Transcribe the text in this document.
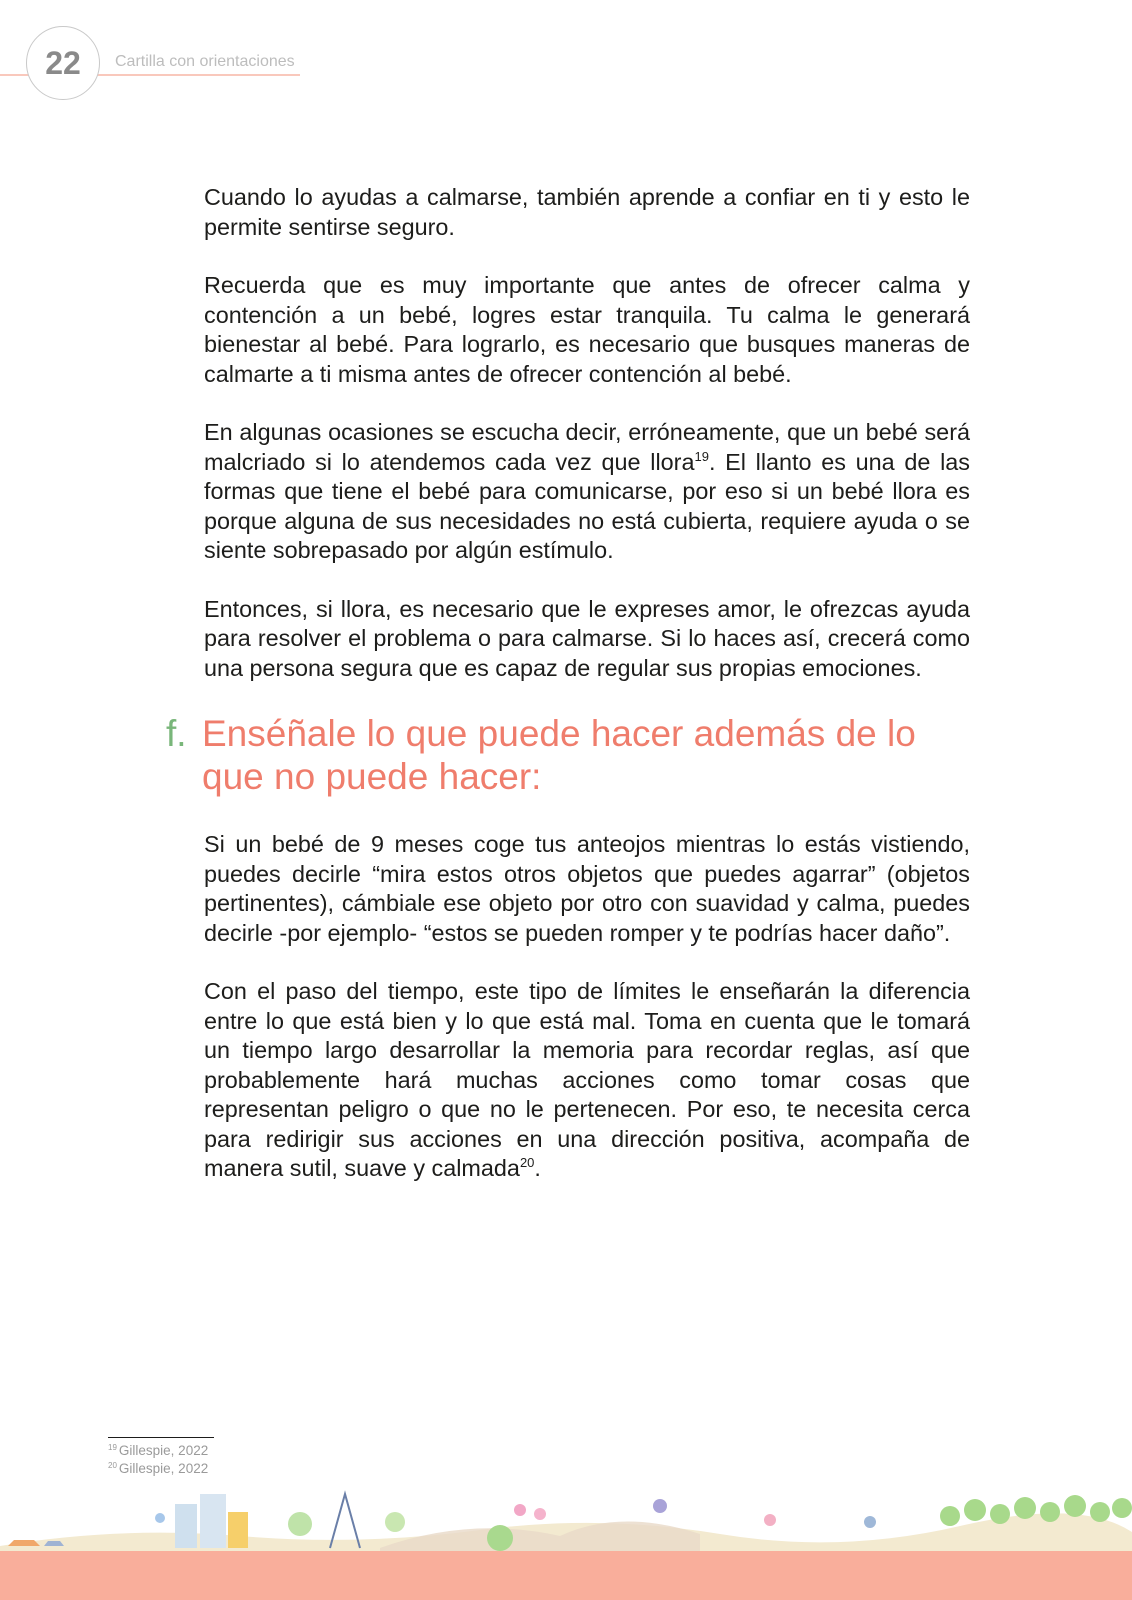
22 Cartilla con orientaciones

Cuando lo ayudas a calmarse, también aprende a confiar en ti y esto le permite sentirse seguro.

Recuerda que es muy importante que antes de ofrecer calma y contención a un bebé, logres estar tranquila. Tu calma le generará bienestar al bebé. Para lograrlo, es necesario que busques maneras de calmarte a ti misma antes de ofrecer contención al bebé.

En algunas ocasiones se escucha decir, erróneamente, que un bebé será malcriado si lo atendemos cada vez que llora$^{19}$. El llanto es una de las formas que tiene el bebé para comunicarse, por eso si un bebé llora es porque alguna de sus necesidades no está cubierta, requiere ayuda o se siente sobrepasado por algún estímulo.

Entonces, si llora, es necesario que le expreses amor, le ofrezcas ayuda para resolver el problema o para calmarse. Si lo haces así, crecerá como una persona segura que es capaz de regular sus propias emociones.

f. Enséñale lo que puede hacer además de lo que no puede hacer:

Si un bebé de 9 meses coge tus anteojos mientras lo estás vistiendo, puedes decirle “mira estos otros objetos que puedes agarrar” (objetos pertinentes), cámbiale ese objeto por otro con suavidad y calma, puedes decirle -por ejemplo- “estos se pueden romper y te podrías hacer daño”.

Con el paso del tiempo, este tipo de límites le enseñarán la diferencia entre lo que está bien y lo que está mal. Toma en cuenta que le tomará un tiempo largo desarrollar la memoria para recordar reglas, así que probablemente hará muchas acciones como tomar cosas que representan peligro o que no le pertenecen. Por eso, te necesita cerca para redirigir sus acciones en una dirección positiva, acompaña de manera sutil, suave y calmada$^{20}$.

$^{19}$ Gillespie, 2022
$^{20}$ Gillespie, 2022
